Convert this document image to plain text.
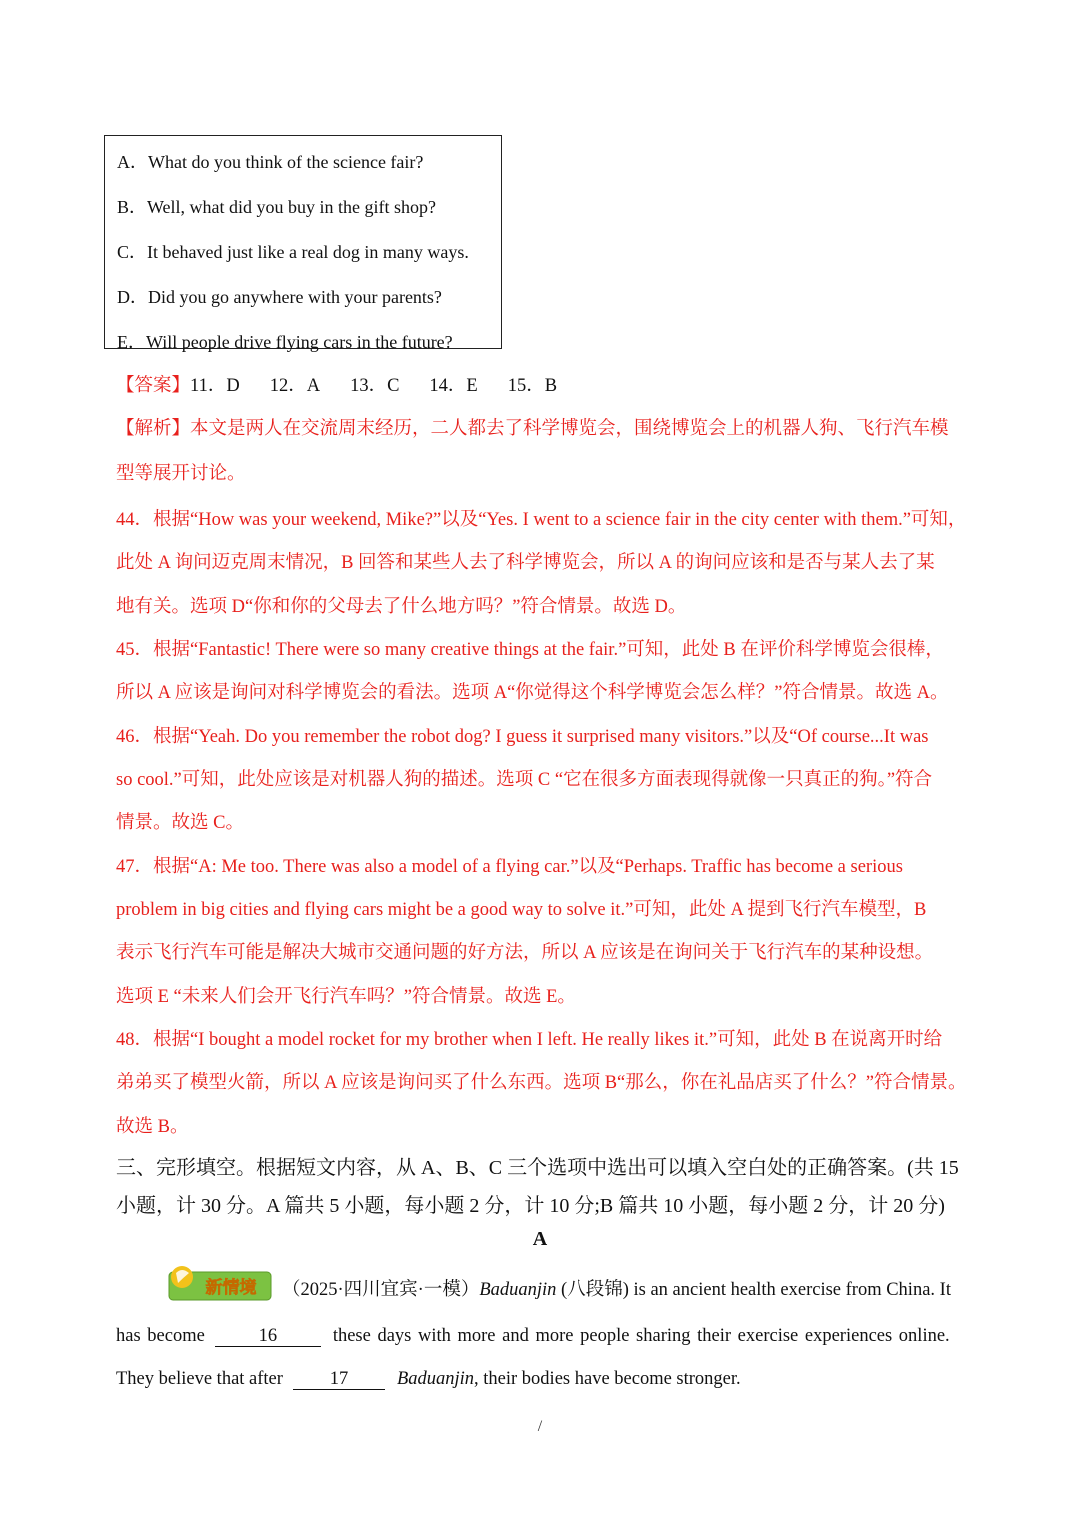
A．What do you think of the science fair?
B．Well, what did you buy in the gift shop?
C．It behaved just like a real dog in many ways.
D．Did you go anywhere with your parents?
E．Will people drive flying cars in the future?
【答案】11．D 12．A 13．C 14．E 15．B
【解析】本文是两人在交流周末经历，二人都去了科学博览会，围绕博览会上的机器人狗、飞行汽车模
型等展开讨论。
44．根据“How was your weekend, Mike?”以及“Yes. I went to a science fair in the city center with them.”可知，
此处 A 询问迈克周末情况，B 回答和某些人去了科学博览会，所以 A 的询问应该和是否与某人去了某
地有关。选项 D“你和你的父母去了什么地方吗？”符合情景。故选 D。
45．根据“Fantastic! There were so many creative things at the fair.”可知，此处 B 在评价科学博览会很棒，
所以 A 应该是询问对科学博览会的看法。选项 A“你觉得这个科学博览会怎么样？”符合情景。故选 A。
46．根据“Yeah. Do you remember the robot dog? I guess it surprised many visitors.”以及“Of course...It was
so cool.”可知，此处应该是对机器人狗的描述。选项 C “它在很多方面表现得就像一只真正的狗。”符合
情景。故选 C。
47．根据“A: Me too. There was also a model of a flying car.”以及“Perhaps. Traffic has become a serious
problem in big cities and flying cars might be a good way to solve it.”可知，此处 A 提到飞行汽车模型，B
表示飞行汽车可能是解决大城市交通问题的好方法，所以 A 应该是在询问关于飞行汽车的某种设想。
选项 E “未来人们会开飞行汽车吗？”符合情景。故选 E。
48．根据“I bought a model rocket for my brother when I left. He really likes it.”可知，此处 B 在说离开时给
弟弟买了模型火箭，所以 A 应该是询问买了什么东西。选项 B“那么，你在礼品店买了什么？”符合情景。
故选 B。
三、完形填空。根据短文内容，从 A、B、C 三个选项中选出可以填入空白处的正确答案。(共 15
小题，计 30 分。A 篇共 5 小题，每小题 2 分，计 10 分;B 篇共 10 小题，每小题 2 分，计 20 分)
A
新情境 （2025·四川宜宾·一模）Baduanjin (八段锦) is an ancient health exercise from China. It
has become	16	these days with more and more people sharing their exercise experiences online.
They believe that after	17	Baduanjin, their bodies have become stronger.
/
